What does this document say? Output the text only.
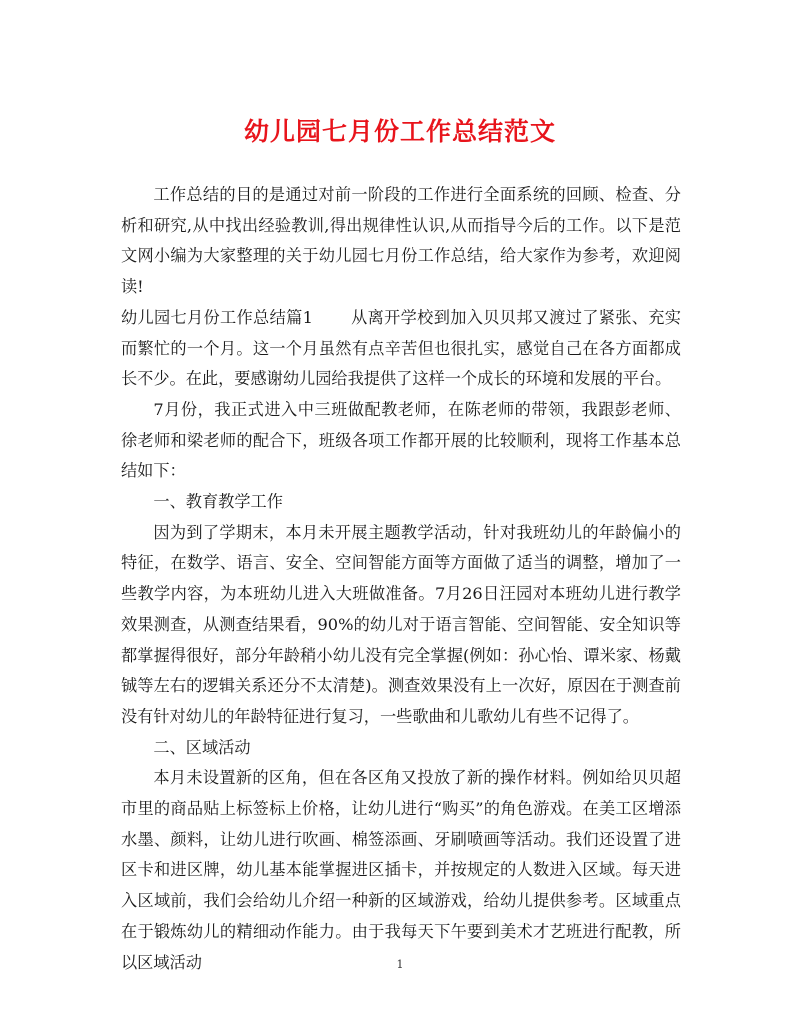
幼儿园七月份工作总结范文

工作总结的目的是通过对前一阶段的工作进行全面系统的回顾、检查、分析和研究,从中找出经验教训,得出规律性认识,从而指导今后的工作。以下是范文网小编为大家整理的关于幼儿园七月份工作总结，给大家作为参考，欢迎阅读!

幼儿园七月份工作总结篇1 从离开学校到加入贝贝邦又渡过了紧张、充实而繁忙的一个月。这一个月虽然有点辛苦但也很扎实，感觉自己在各方面都成长不少。在此，要感谢幼儿园给我提供了这样一个成长的环境和发展的平台。

7月份，我正式进入中三班做配教老师，在陈老师的带领，我跟彭老师、徐老师和梁老师的配合下，班级各项工作都开展的比较顺利，现将工作基本总结如下：

一、教育教学工作

因为到了学期末，本月未开展主题教学活动，针对我班幼儿的年龄偏小的特征，在数学、语言、安全、空间智能方面等方面做了适当的调整，增加了一些教学内容，为本班幼儿进入大班做准备。7月26日汪园对本班幼儿进行教学效果测查，从测查结果看，90%的幼儿对于语言智能、空间智能、安全知识等都掌握得很好，部分年龄稍小幼儿没有完全掌握(例如：孙心怡、谭米家、杨戴铖等左右的逻辑关系还分不太清楚)。测查效果没有上一次好，原因在于测查前没有针对幼儿的年龄特征进行复习，一些歌曲和儿歌幼儿有些不记得了。

二、区域活动

本月未设置新的区角，但在各区角又投放了新的操作材料。例如给贝贝超市里的商品贴上标签标上价格，让幼儿进行“购买”的角色游戏。在美工区增添水墨、颜料，让幼儿进行吹画、棉签添画、牙刷喷画等活动。我们还设置了进区卡和进区牌，幼儿基本能掌握进区插卡，并按规定的人数进入区域。每天进入区域前，我们会给幼儿介绍一种新的区域游戏，给幼儿提供参考。区域重点在于锻炼幼儿的精细动作能力。由于我每天下午要到美术才艺班进行配教，所以区域活动	1
